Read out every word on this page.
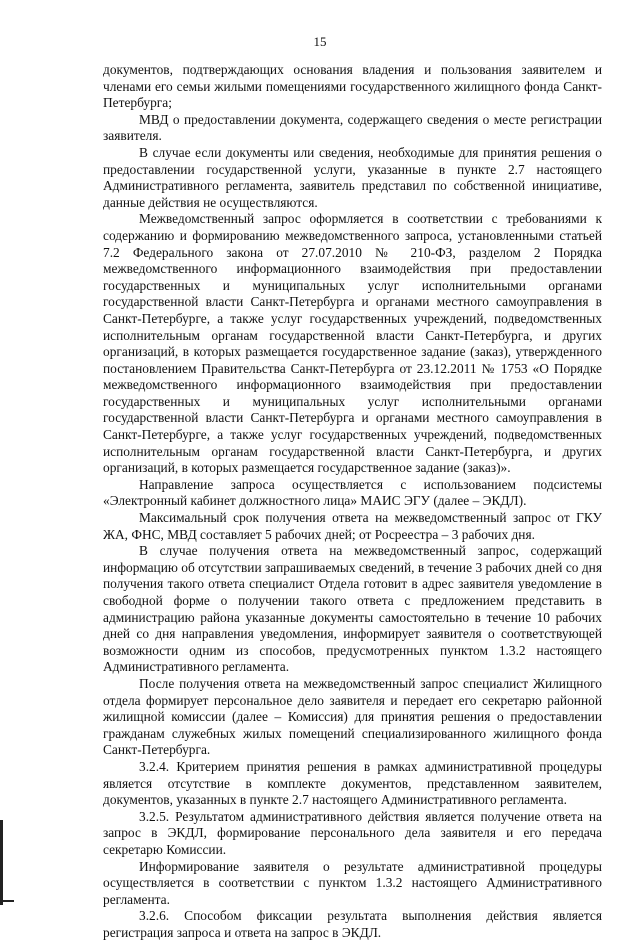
15

документов, подтверждающих основания владения и пользования заявителем и членами его семьи жилыми помещениями государственного жилищного фонда Санкт-Петербурга;

МВД о предоставлении документа, содержащего сведения о месте регистрации заявителя.

В случае если документы или сведения, необходимые для принятия решения о предоставлении государственной услуги, указанные в пункте 2.7 настоящего Административного регламента, заявитель представил по собственной инициативе, данные действия не осуществляются.

Межведомственный запрос оформляется в соответствии с требованиями к содержанию и формированию межведомственного запроса, установленными статьей 7.2 Федерального закона от 27.07.2010 № 210-ФЗ, разделом 2 Порядка межведомственного информационного взаимодействия при предоставлении государственных и муниципальных услуг исполнительными органами государственной власти Санкт-Петербурга и органами местного самоуправления в Санкт-Петербурге, а также услуг государственных учреждений, подведомственных исполнительным органам государственной власти Санкт-Петербурга, и других организаций, в которых размещается государственное задание (заказ), утвержденного постановлением Правительства Санкт-Петербурга от 23.12.2011 № 1753 «О Порядке межведомственного информационного взаимодействия при предоставлении государственных и муниципальных услуг исполнительными органами государственной власти Санкт-Петербурга и органами местного самоуправления в Санкт-Петербурге, а также услуг государственных учреждений, подведомственных исполнительным органам государственной власти Санкт-Петербурга, и других организаций, в которых размещается государственное задание (заказ)».

Направление запроса осуществляется с использованием подсистемы «Электронный кабинет должностного лица» МАИС ЭГУ (далее – ЭКДЛ).

Максимальный срок получения ответа на межведомственный запрос от ГКУ ЖА, ФНС, МВД составляет 5 рабочих дней; от Росреестра – 3 рабочих дня.

В случае получения ответа на межведомственный запрос, содержащий информацию об отсутствии запрашиваемых сведений, в течение 3 рабочих дней со дня получения такого ответа специалист Отдела готовит в адрес заявителя уведомление в свободной форме о получении такого ответа с предложением представить в администрацию района указанные документы самостоятельно в течение 10 рабочих дней со дня направления уведомления, информирует заявителя о соответствующей возможности одним из способов, предусмотренных пунктом 1.3.2 настоящего Административного регламента.

После получения ответа на межведомственный запрос специалист Жилищного отдела формирует персональное дело заявителя и передает его секретарю районной жилищной комиссии (далее – Комиссия) для принятия решения о предоставлении гражданам служебных жилых помещений специализированного жилищного фонда Санкт-Петербурга.

3.2.4. Критерием принятия решения в рамках административной процедуры является отсутствие в комплекте документов, представленном заявителем, документов, указанных в пункте 2.7 настоящего Административного регламента.

3.2.5. Результатом административного действия является получение ответа на запрос в ЭКДЛ, формирование персонального дела заявителя и его передача секретарю Комиссии.

Информирование заявителя о результате административной процедуры осуществляется в соответствии с пунктом 1.3.2 настоящего Административного регламента.

3.2.6. Способом фиксации результата выполнения действия является регистрация запроса и ответа на запрос в ЭКДЛ.
